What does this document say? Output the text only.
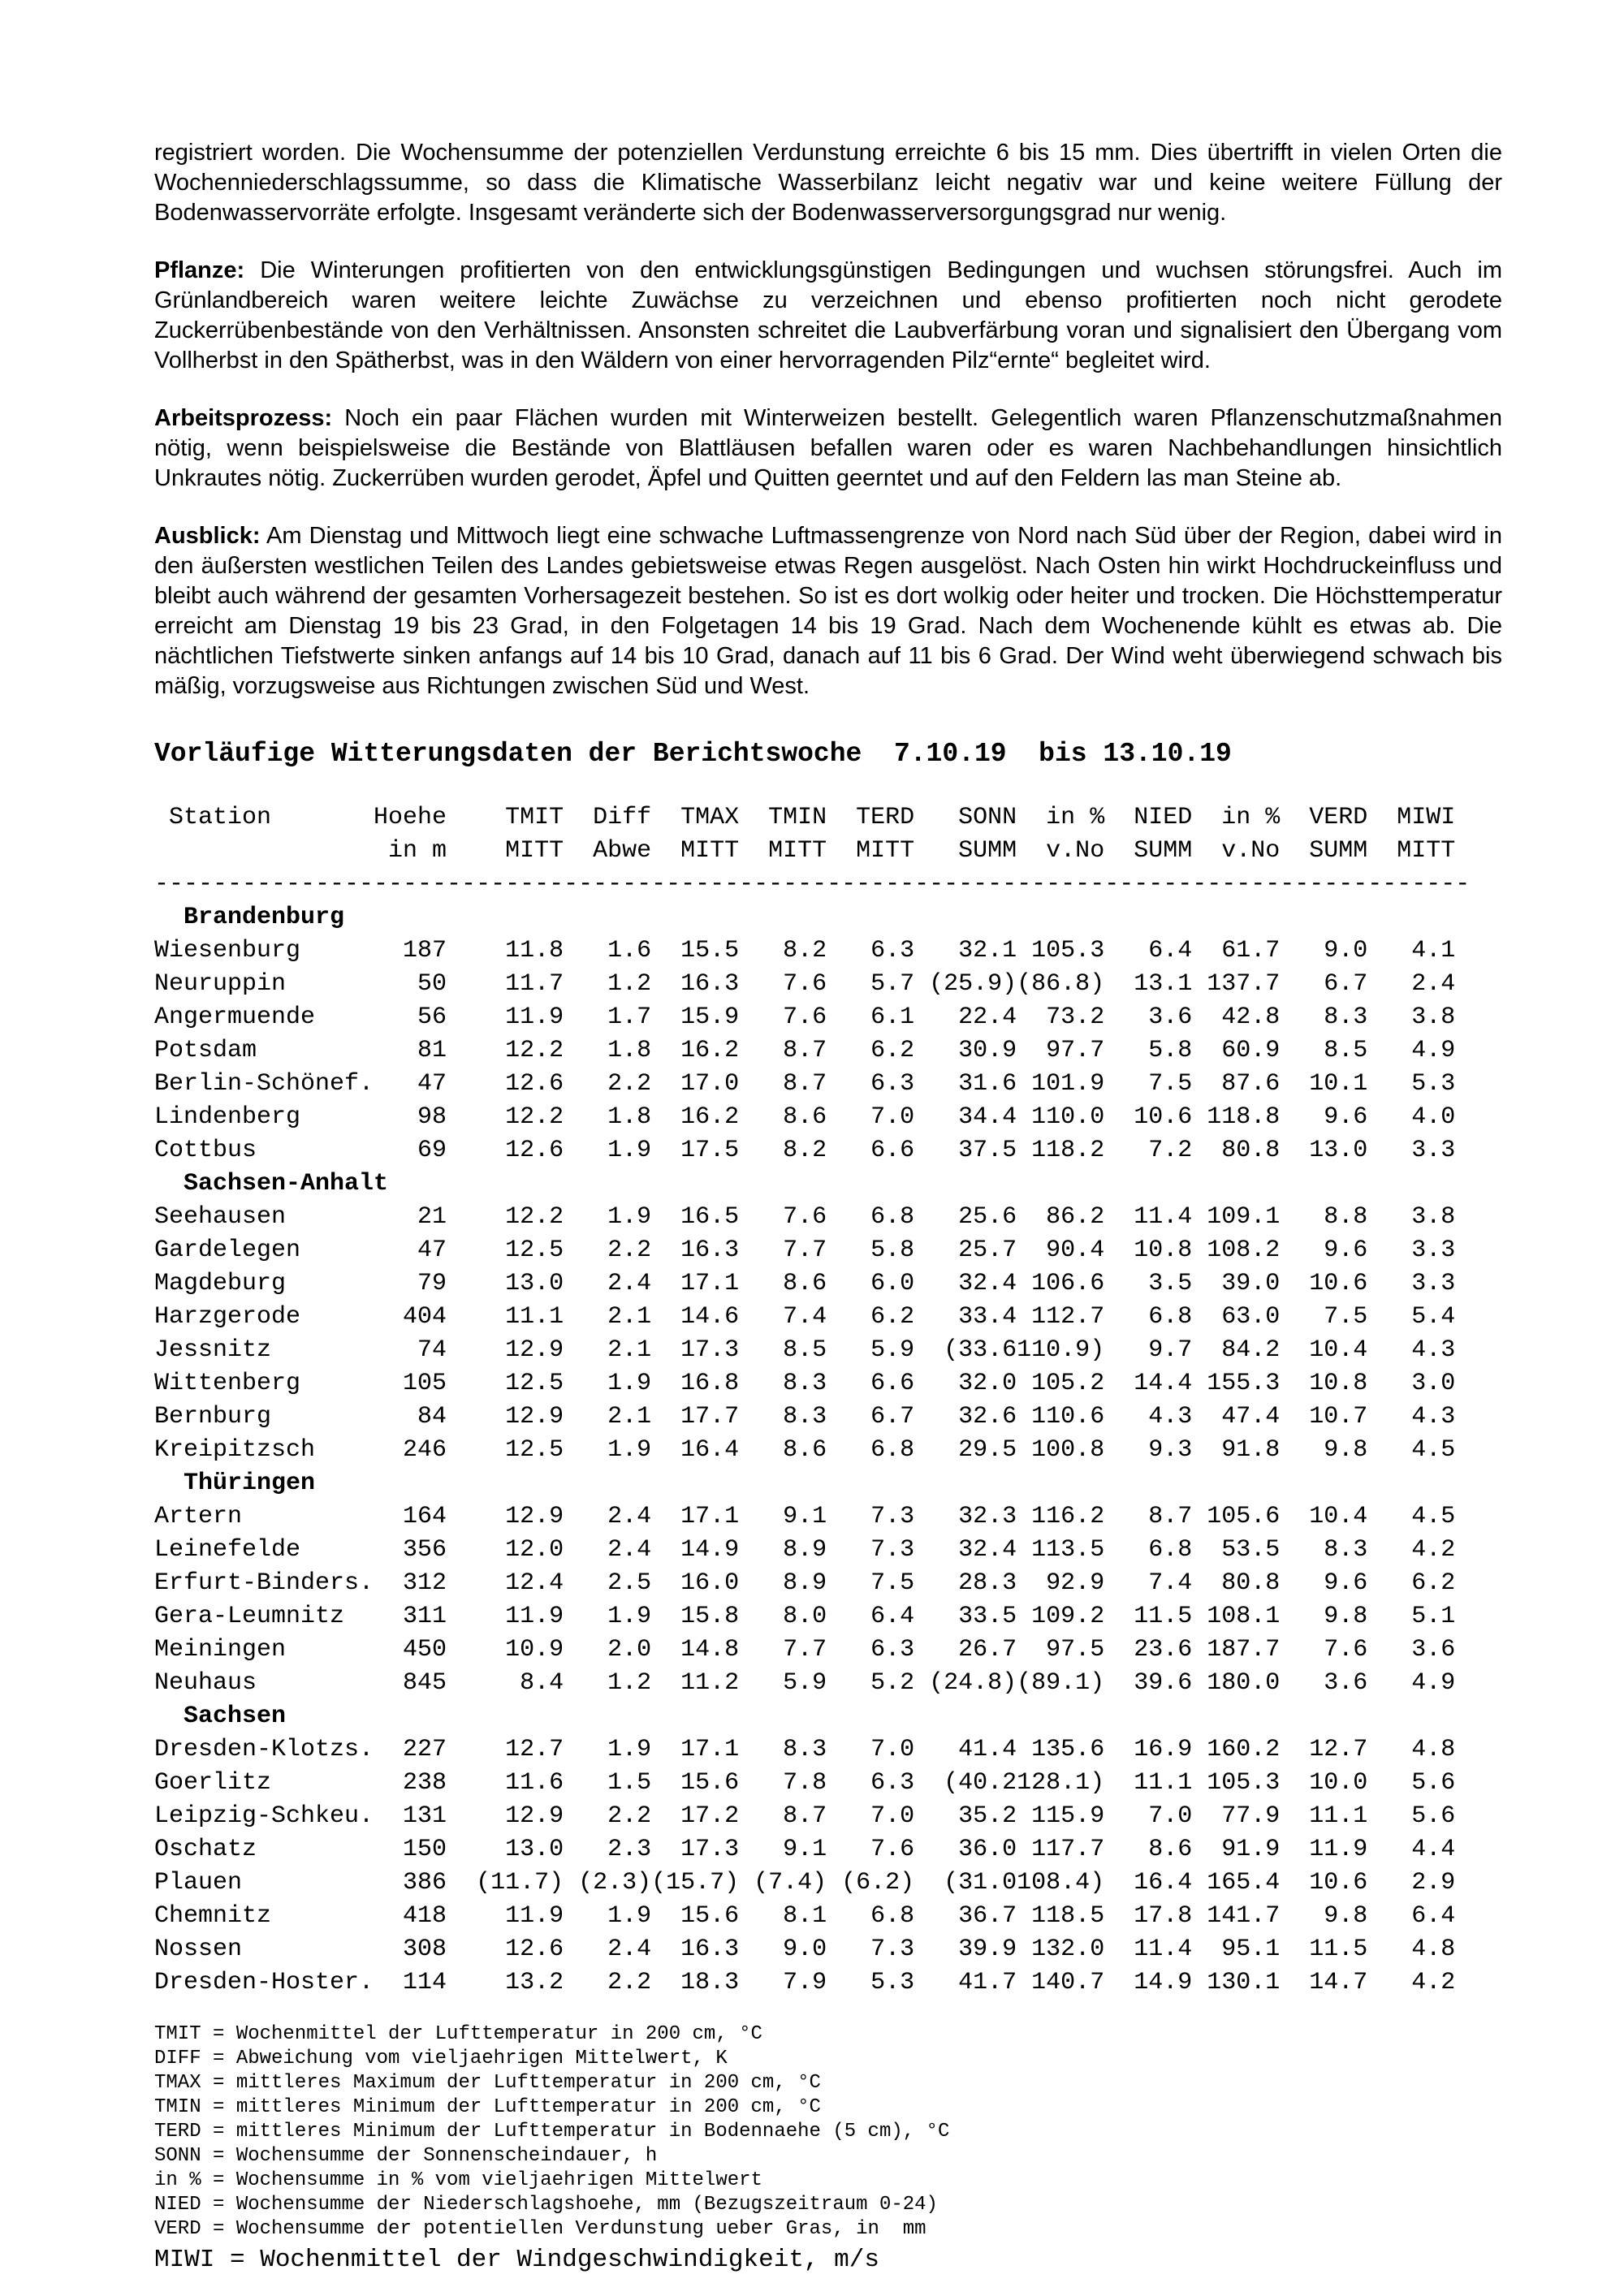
registriert worden. Die Wochensumme der potenziellen Verdunstung erreichte 6 bis 15 mm. Dies übertrifft in vielen Orten die Wochenniederschlagssumme, so dass die Klimatische Wasserbilanz leicht negativ war und keine weitere Füllung der Bodenwasservorräte erfolgte. Insgesamt veränderte sich der Bodenwasserversorgungsgrad nur wenig.

Pflanze: Die Winterungen profitierten von den entwicklungsgünstigen Bedingungen und wuchsen störungsfrei. Auch im Grünlandbereich waren weitere leichte Zuwächse zu verzeichnen und ebenso profitierten noch nicht gerodete Zuckerrübenbestände von den Verhältnissen. Ansonsten schreitet die Laubverfärbung voran und signalisiert den Übergang vom Vollherbst in den Spätherbst, was in den Wäldern von einer hervorragenden Pilz“ernte“ begleitet wird.

Arbeitsprozess: Noch ein paar Flächen wurden mit Winterweizen bestellt. Gelegentlich waren Pflanzenschutzmaßnahmen nötig, wenn beispielsweise die Bestände von Blattläusen befallen waren oder es waren Nachbehandlungen hinsichtlich Unkrautes nötig. Zuckerrüben wurden gerodet, Äpfel und Quitten geerntet und auf den Feldern las man Steine ab.

Ausblick: Am Dienstag und Mittwoch liegt eine schwache Luftmassengrenze von Nord nach Süd über der Region, dabei wird in den äußersten westlichen Teilen des Landes gebietsweise etwas Regen ausgelöst. Nach Osten hin wirkt Hochdruckeinfluss und bleibt auch während der gesamten Vorhersagezeit bestehen. So ist es dort wolkig oder heiter und trocken. Die Höchsttemperatur erreicht am Dienstag 19 bis 23 Grad, in den Folgetagen 14 bis 19 Grad. Nach dem Wochenende kühlt es etwas ab. Die nächtlichen Tiefstwerte sinken anfangs auf 14 bis 10 Grad, danach auf 11 bis 6 Grad. Der Wind weht überwiegend schwach bis mäßig, vorzugsweise aus Richtungen zwischen Süd und West.

Vorläufige Witterungsdaten der Berichtswoche  7.10.19  bis 13.10.19
Station       Hoehe    TMIT  Diff  TMAX  TMIN  TERD   SONN  in %  NIED  in %  VERD  MIWI
in m    MITT  Abwe  MITT  MITT  MITT   SUMM  v.No  SUMM  v.No  SUMM  MITT
------------------------------------------------------------------------------------------
Brandenburg
Wiesenburg       187    11.8   1.6  15.5   8.2   6.3   32.1 105.3   6.4  61.7   9.0   4.1
Neuruppin         50    11.7   1.2  16.3   7.6   5.7 (25.9)(86.8)  13.1 137.7   6.7   2.4
Angermuende       56    11.9   1.7  15.9   7.6   6.1   22.4  73.2   3.6  42.8   8.3   3.8
Potsdam           81    12.2   1.8  16.2   8.7   6.2   30.9  97.7   5.8  60.9   8.5   4.9
Berlin-Schönef.   47    12.6   2.2  17.0   8.7   6.3   31.6 101.9   7.5  87.6  10.1   5.3
Lindenberg        98    12.2   1.8  16.2   8.6   7.0   34.4 110.0  10.6 118.8   9.6   4.0
Cottbus           69    12.6   1.9  17.5   8.2   6.6   37.5 118.2   7.2  80.8  13.0   3.3
Sachsen-Anhalt
Seehausen         21    12.2   1.9  16.5   7.6   6.8   25.6  86.2  11.4 109.1   8.8   3.8
Gardelegen        47    12.5   2.2  16.3   7.7   5.8   25.7  90.4  10.8 108.2   9.6   3.3
Magdeburg         79    13.0   2.4  17.1   8.6   6.0   32.4 106.6   3.5  39.0  10.6   3.3
Harzgerode       404    11.1   2.1  14.6   7.4   6.2   33.4 112.7   6.8  63.0   7.5   5.4
Jessnitz          74    12.9   2.1  17.3   8.5   5.9  (33.6110.9)   9.7  84.2  10.4   4.3
Wittenberg       105    12.5   1.9  16.8   8.3   6.6   32.0 105.2  14.4 155.3  10.8   3.0
Bernburg          84    12.9   2.1  17.7   8.3   6.7   32.6 110.6   4.3  47.4  10.7   4.3
Kreipitzsch      246    12.5   1.9  16.4   8.6   6.8   29.5 100.8   9.3  91.8   9.8   4.5
Thüringen
Artern           164    12.9   2.4  17.1   9.1   7.3   32.3 116.2   8.7 105.6  10.4   4.5
Leinefelde       356    12.0   2.4  14.9   8.9   7.3   32.4 113.5   6.8  53.5   8.3   4.2
Erfurt-Binders.  312    12.4   2.5  16.0   8.9   7.5   28.3  92.9   7.4  80.8   9.6   6.2
Gera-Leumnitz    311    11.9   1.9  15.8   8.0   6.4   33.5 109.2  11.5 108.1   9.8   5.1
Meiningen        450    10.9   2.0  14.8   7.7   6.3   26.7  97.5  23.6 187.7   7.6   3.6
Neuhaus          845     8.4   1.2  11.2   5.9   5.2 (24.8)(89.1)  39.6 180.0   3.6   4.9
Sachsen
Dresden-Klotzs.  227    12.7   1.9  17.1   8.3   7.0   41.4 135.6  16.9 160.2  12.7   4.8
Goerlitz         238    11.6   1.5  15.6   7.8   6.3  (40.2128.1)  11.1 105.3  10.0   5.6
Leipzig-Schkeu.  131    12.9   2.2  17.2   8.7   7.0   35.2 115.9   7.0  77.9  11.1   5.6
Oschatz          150    13.0   2.3  17.3   9.1   7.6   36.0 117.7   8.6  91.9  11.9   4.4
Plauen           386  (11.7) (2.3)(15.7) (7.4) (6.2)  (31.0108.4)  16.4 165.4  10.6   2.9
Chemnitz         418    11.9   1.9  15.6   8.1   6.8   36.7 118.5  17.8 141.7   9.8   6.4
Nossen           308    12.6   2.4  16.3   9.0   7.3   39.9 132.0  11.4  95.1  11.5   4.8
Dresden-Hoster.  114    13.2   2.2  18.3   7.9   5.3   41.7 140.7  14.9 130.1  14.7   4.2
TMIT = Wochenmittel der Lufttemperatur in 200 cm, °C
DIFF = Abweichung vom vieljaehrigen Mittelwert, K
TMAX = mittleres Maximum der Lufttemperatur in 200 cm, °C
TMIN = mittleres Minimum der Lufttemperatur in 200 cm, °C
TERD = mittleres Minimum der Lufttemperatur in Bodennaehe (5 cm), °C
SONN = Wochensumme der Sonnenscheindauer, h
in % = Wochensumme in % vom vieljaehrigen Mittelwert
NIED = Wochensumme der Niederschlagshoehe, mm (Bezugszeitraum 0-24)
VERD = Wochensumme der potentiellen Verdunstung ueber Gras, in  mm
MIWI = Wochenmittel der Windgeschwindigkeit, m/s
